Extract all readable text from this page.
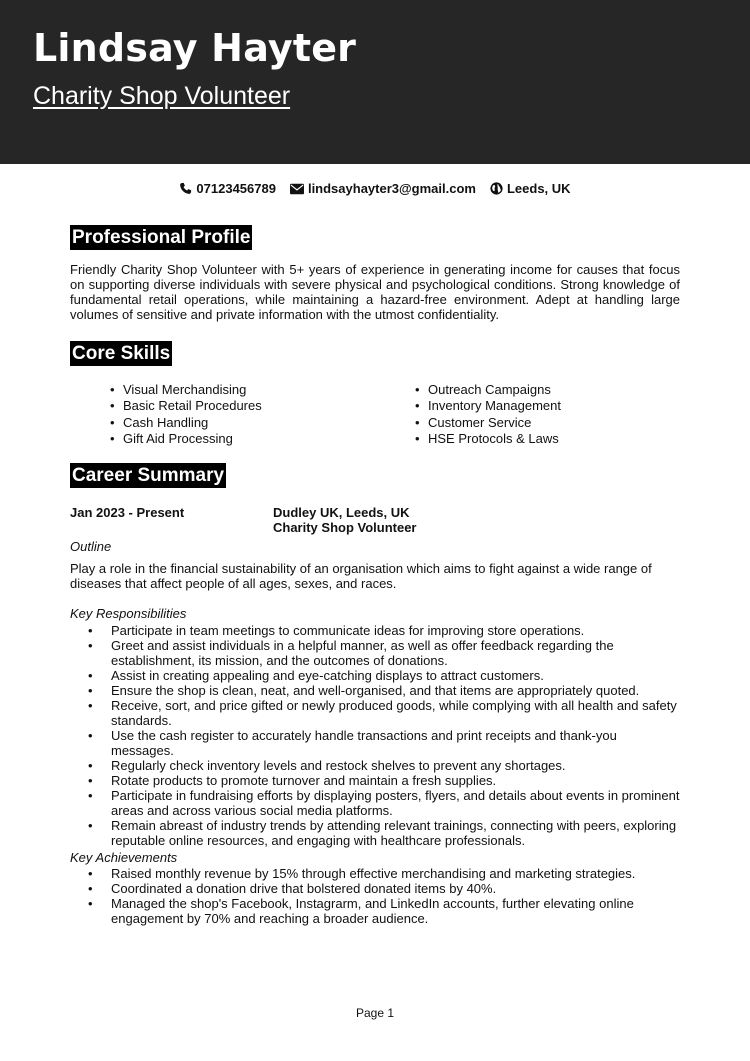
Lindsay Hayter
Charity Shop Volunteer
07123456789 lindsayhayter3@gmail.com Leeds, UK
Professional Profile
Friendly Charity Shop Volunteer with 5+ years of experience in generating income for causes that focus on supporting diverse individuals with severe physical and psychological conditions. Strong knowledge of fundamental retail operations, while maintaining a hazard-free environment. Adept at handling large volumes of sensitive and private information with the utmost confidentiality.
Core Skills
• Visual Merchandising
• Basic Retail Procedures
• Cash Handling
• Gift Aid Processing
• Outreach Campaigns
• Inventory Management
• Customer Service
• HSE Protocols & Laws
Career Summary
Jan 2023 - Present	Dudley UK, Leeds, UK
Charity Shop Volunteer
Outline
Play a role in the financial sustainability of an organisation which aims to fight against a wide range of diseases that affect people of all ages, sexes, and races.
Key Responsibilities
• Participate in team meetings to communicate ideas for improving store operations.
• Greet and assist individuals in a helpful manner, as well as offer feedback regarding the establishment, its mission, and the outcomes of donations.
• Assist in creating appealing and eye-catching displays to attract customers.
• Ensure the shop is clean, neat, and well-organised, and that items are appropriately quoted.
• Receive, sort, and price gifted or newly produced goods, while complying with all health and safety standards.
• Use the cash register to accurately handle transactions and print receipts and thank-you messages.
• Regularly check inventory levels and restock shelves to prevent any shortages.
• Rotate products to promote turnover and maintain a fresh supplies.
• Participate in fundraising efforts by displaying posters, flyers, and details about events in prominent areas and across various social media platforms.
• Remain abreast of industry trends by attending relevant trainings, connecting with peers, exploring reputable online resources, and engaging with healthcare professionals.
Key Achievements
• Raised monthly revenue by 15% through effective merchandising and marketing strategies.
• Coordinated a donation drive that bolstered donated items by 40%.
• Managed the shop's Facebook, Instagrarm, and LinkedIn accounts, further elevating online engagement by 70% and reaching a broader audience.
Page 1
